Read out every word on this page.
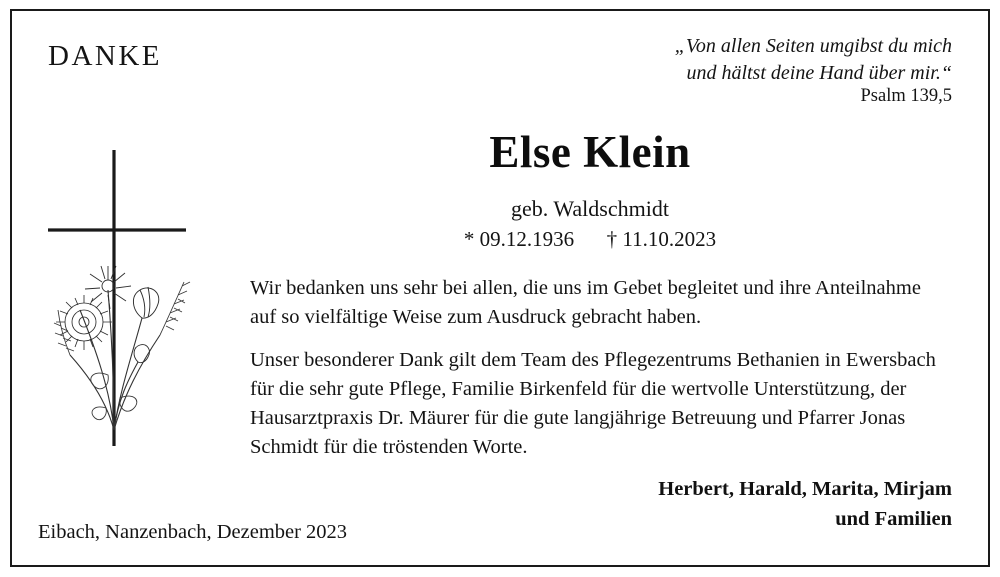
DANKE	„Von allen Seiten umgibst du mich
und hältst deine Hand über mir.“
Psalm 139,5
Else Klein
geb. Waldschmidt
* 09.12.1936 † 11.10.2023
Wir bedanken uns sehr bei allen, die uns im Gebet begleitet und ihre Anteilnahme auf so vielfältige Weise zum Ausdruck gebracht haben.
Unser besonderer Dank gilt dem Team des Pflegezentrums Bethanien in Ewersbach für die sehr gute Pflege, Familie Birkenfeld für die wertvolle Unterstützung, der Hausarztpraxis Dr. Mäurer für die gute langjährige Betreuung und Pfarrer Jonas Schmidt für die tröstenden Worte.
Herbert, Harald, Marita, Mirjam
und Familien
Eibach, Nanzenbach, Dezember 2023
